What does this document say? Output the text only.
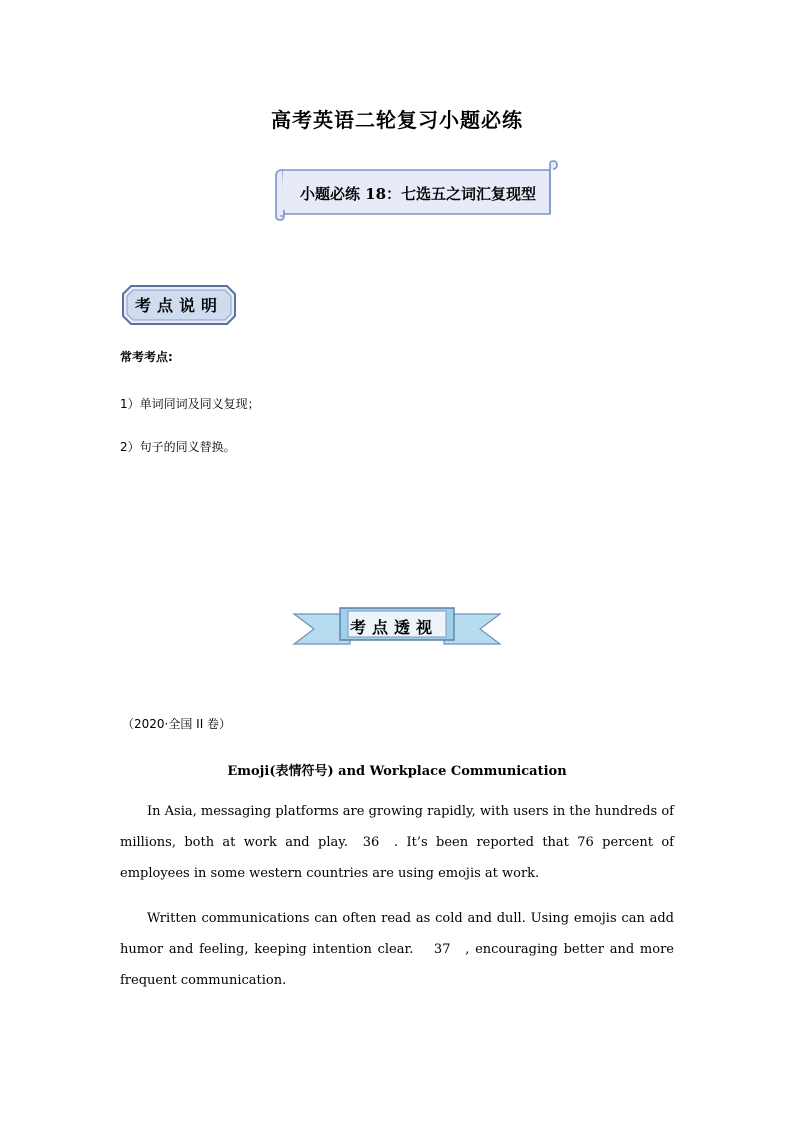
高考英语二轮复习小题必练
小题必练 18：七选五之词汇复现型
考点说明
常考考点:
1）单词同词及同义复现；
2）句子的同义替换。
考点透视
（2020·全国 II 卷）
Emoji(表情符号) and Workplace Communication
In Asia, messaging platforms are growing rapidly, with users in the hundreds of millions, both at work and play. 36 . It’s been reported that 76 percent of employees in some western countries are using emojis at work.
Written communications can often read as cold and dull. Using emojis can add humor and feeling, keeping intention clear. 37 , encouraging better and more frequent communication.
